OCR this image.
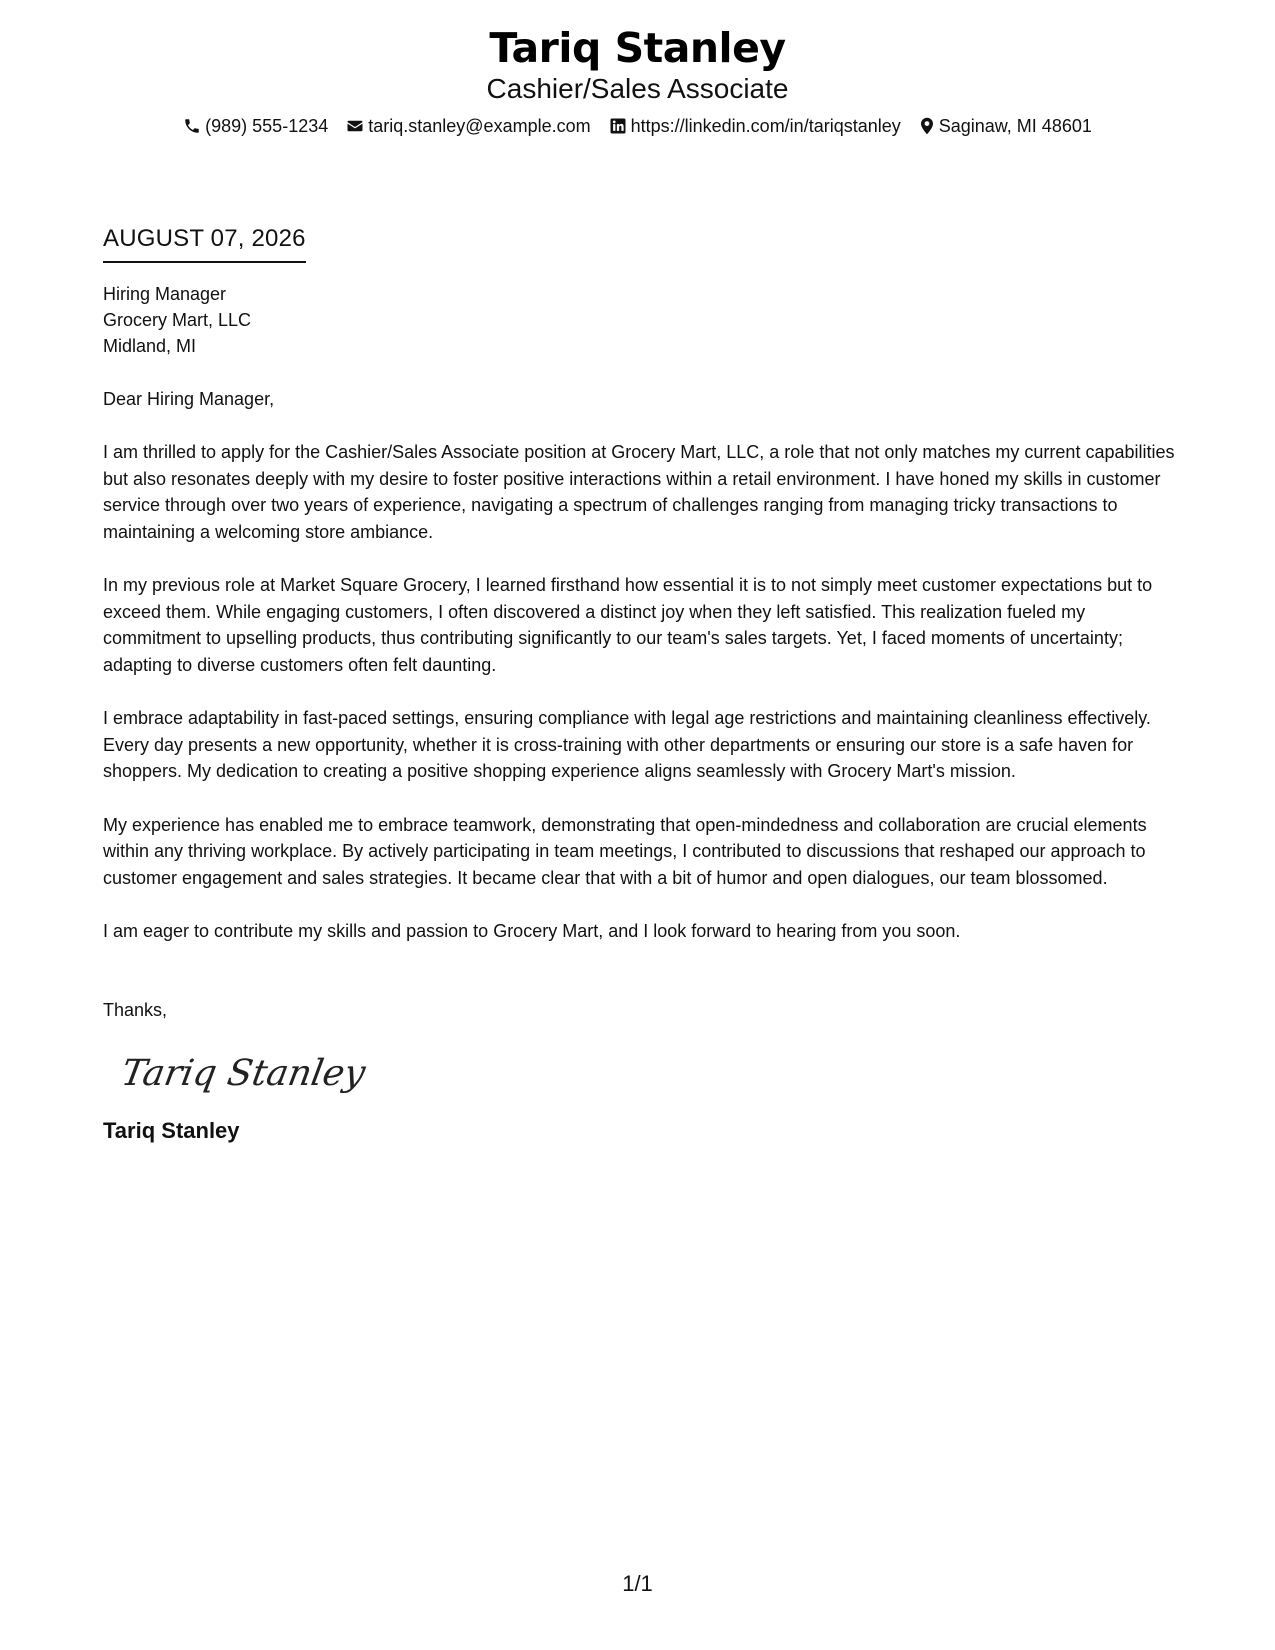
Tariq Stanley
Cashier/Sales Associate
(989) 555-1234 tariq.stanley@example.com https://linkedin.com/in/tariqstanley Saginaw, MI 48601
AUGUST 07, 2026
Hiring Manager
Grocery Mart, LLC
Midland, MI
Dear Hiring Manager,
I am thrilled to apply for the Cashier/Sales Associate position at Grocery Mart, LLC, a role that not only matches my current capabilities but also resonates deeply with my desire to foster positive interactions within a retail environment. I have honed my skills in customer service through over two years of experience, navigating a spectrum of challenges ranging from managing tricky transactions to maintaining a welcoming store ambiance.
In my previous role at Market Square Grocery, I learned firsthand how essential it is to not simply meet customer expectations but to exceed them. While engaging customers, I often discovered a distinct joy when they left satisfied. This realization fueled my commitment to upselling products, thus contributing significantly to our team's sales targets. Yet, I faced moments of uncertainty; adapting to diverse customers often felt daunting.
I embrace adaptability in fast-paced settings, ensuring compliance with legal age restrictions and maintaining cleanliness effectively. Every day presents a new opportunity, whether it is cross-training with other departments or ensuring our store is a safe haven for shoppers. My dedication to creating a positive shopping experience aligns seamlessly with Grocery Mart's mission.
My experience has enabled me to embrace teamwork, demonstrating that open-mindedness and collaboration are crucial elements within any thriving workplace. By actively participating in team meetings, I contributed to discussions that reshaped our approach to customer engagement and sales strategies. It became clear that with a bit of humor and open dialogues, our team blossomed.
I am eager to contribute my skills and passion to Grocery Mart, and I look forward to hearing from you soon.
Thanks,
Tariq Stanley
Tariq Stanley
1/1
